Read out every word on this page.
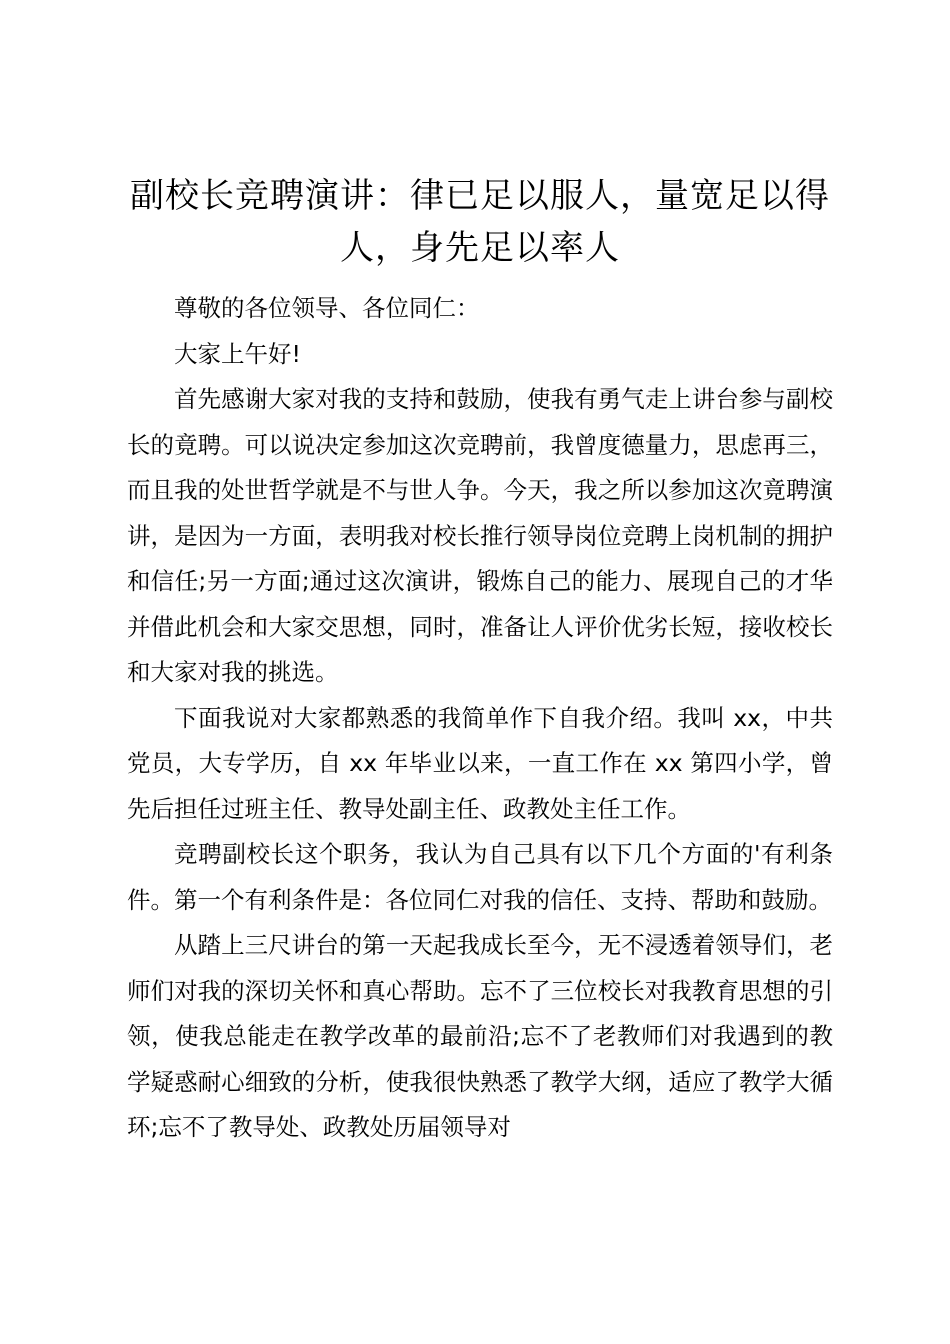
副校长竞聘演讲：律已足以服人，量宽足以得人，身先足以率人

尊敬的各位领导、各位同仁：

大家上午好!

首先感谢大家对我的支持和鼓励，使我有勇气走上讲台参与副校长的竟聘。可以说决定参加这次竞聘前，我曾度德量力，思虑再三，而且我的处世哲学就是不与世人争。今天，我之所以参加这次竟聘演讲，是因为一方面，表明我对校长推行领导岗位竞聘上岗机制的拥护和信任;另一方面;通过这次演讲，锻炼自己的能力、展现自己的才华并借此机会和大家交思想，同时，准备让人评价优劣长短，接收校长和大家对我的挑选。

下面我说对大家都熟悉的我简单作下自我介绍。我叫 xx，中共党员，大专学历，自 xx 年毕业以来，一直工作在 xx 第四小学，曾先后担任过班主任、教导处副主任、政教处主任工作。

竞聘副校长这个职务，我认为自己具有以下几个方面的'有利条件。第一个有利条件是：各位同仁对我的信任、支持、帮助和鼓励。

从踏上三尺讲台的第一天起我成长至今，无不浸透着领导们，老师们对我的深切关怀和真心帮助。忘不了三位校长对我教育思想的引领，使我总能走在教学改革的最前沿;忘不了老教师们对我遇到的教学疑惑耐心细致的分析，使我很快熟悉了教学大纲，适应了教学大循环;忘不了教导处、政教处历届领导对
